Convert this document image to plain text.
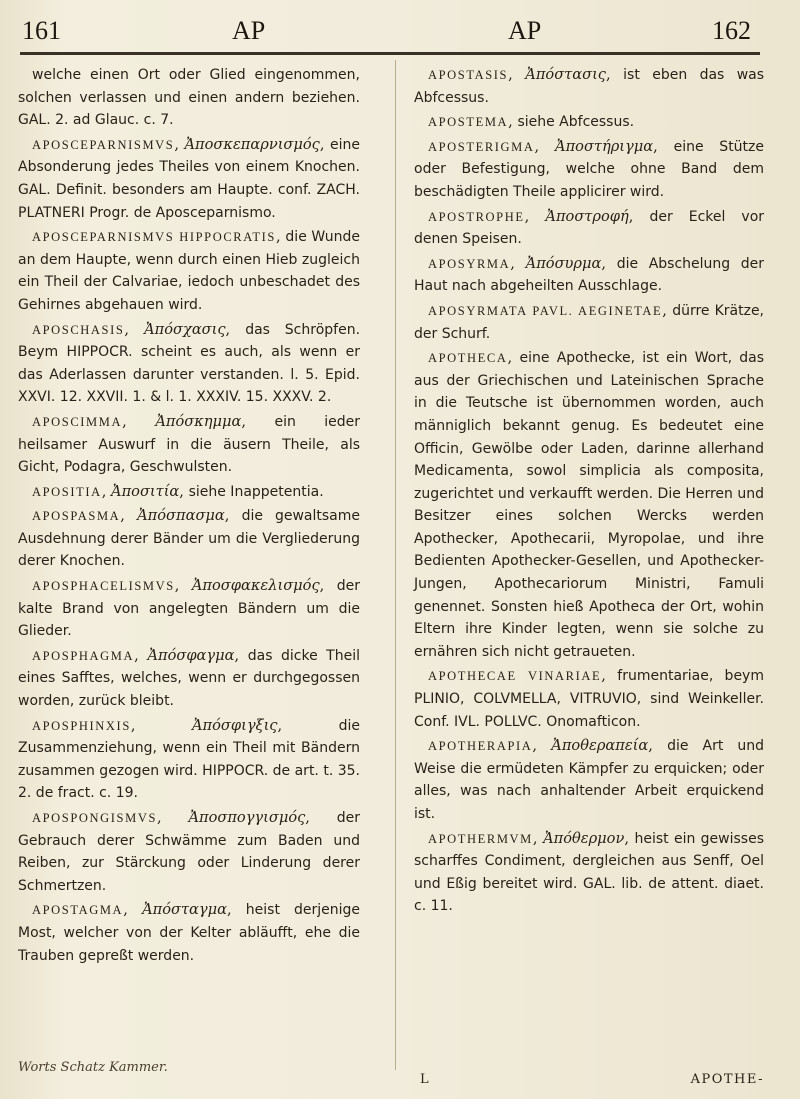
161	AP	AP	162

welche einen Ort oder Glied eingenommen, solchen verlassen und einen andern beziehen. GAL. 2. ad Glauc. c. 7.

APOSCEPARNISMVS, Ἀποσκεπαρνισμός, eine Absonderung jedes Theiles von einem Knochen. GAL. Definit. besonders am Haupte. conf. ZACH. PLATNERI Progr. de Aposceparnismo.

APOSCEPARNISMVS HIPPOCRATIS, die Wunde an dem Haupte, wenn durch einen Hieb zugleich ein Theil der Calvariae, iedoch unbeschadet des Gehirnes abgehauen wird.

APOSCHASIS, Ἀπόσχασις, das Schröpfen. Beym HIPPOCR. scheint es auch, als wenn er das Aderlassen darunter verstanden. l. 5. Epid. XXVI. 12. XXVII. 1. & l. 1. XXXIV. 15. XXXV. 2.

APOSCIMMA, Ἀπόσκημμα, ein ieder heilsamer Auswurf in die äusern Theile, als Gicht, Podagra, Geschwulsten.

APOSITIA, Ἀποσιτία, siehe Inappetentia.

APOSPASMA, Ἀπόσπασμα, die gewaltsame Ausdehnung derer Bänder um die Vergliederung derer Knochen.

APOSPHACELISMVS, Ἀποσφακελισμός, der kalte Brand von angelegten Bändern um die Glieder.

APOSPHAGMA, Ἀπόσφαγμα, das dicke Theil eines Safftes, welches, wenn er durchgegossen worden, zurück bleibt.

APOSPHINXIS, Ἀπόσφιγξις, die Zusammenziehung, wenn ein Theil mit Bändern zusammen gezogen wird. HIPPOCR. de art. t. 35. 2. de fract. c. 19.

APOSPONGISMVS, Ἀποσπογγισμός, der Gebrauch derer Schwämme zum Baden und Reiben, zur Stärckung oder Linderung derer Schmertzen.

APOSTAGMA, Ἀπόσταγμα, heist derjenige Most, welcher von der Kelter abläufft, ehe die Trauben gepreßt werden.

APOSTASIS, Ἀπόστασις, ist eben das was Abfcessus.

APOSTEMA, siehe Abfcessus.

APOSTERIGMA, Ἀποστήριγμα, eine Stütze oder Befestigung, welche ohne Band dem beschädigten Theile applicirer wird.

APOSTROPHE, Ἀποστροφή, der Eckel vor denen Speisen.

APOSYRMA, Ἀπόσυρμα, die Abschelung der Haut nach abgeheilten Ausschlage.

APOSYRMATA PAVL. AEGINETAE, dürre Krätze, der Schurf.

APOTHECA, eine Apothecke, ist ein Wort, das aus der Griechischen und Lateinischen Sprache in die Teutsche ist übernommen worden, auch männiglich bekannt genug. Es bedeutet eine Officin, Gewölbe oder Laden, darinne allerhand Medicamenta, sowol simplicia als composita, zugerichtet und verkaufft werden. Die Herren und Besitzer eines solchen Wercks werden Apothecker, Apothecarii, Myropolae, und ihre Bedienten Apothecker-Gesellen, und Apothecker-Jungen, Apothecariorum Ministri, Famuli genennet. Sonsten hieß Apotheca der Ort, wohin Eltern ihre Kinder legten, wenn sie solche zu ernähren sich nicht getraueten.

APOTHECAE VINARIAE, frumentariae, beym PLINIO, COLVMELLA, VITRUVIO, sind Weinkeller. Conf. IVL. POLLVC. Onomafticon.

APOTHERAPIA, Ἀποθεραπεία, die Art und Weise die ermüdeten Kämpfer zu erquicken; oder alles, was nach anhaltender Arbeit erquickend ist.

APOTHERMVM, Ἀπόθερμον, heist ein gewisses scharffes Condiment, dergleichen aus Senff, Oel und Eßig bereitet wird. GAL. lib. de attent. diaet. c. 11.

Worts Schatz Kammer.
L	APOTHE-
